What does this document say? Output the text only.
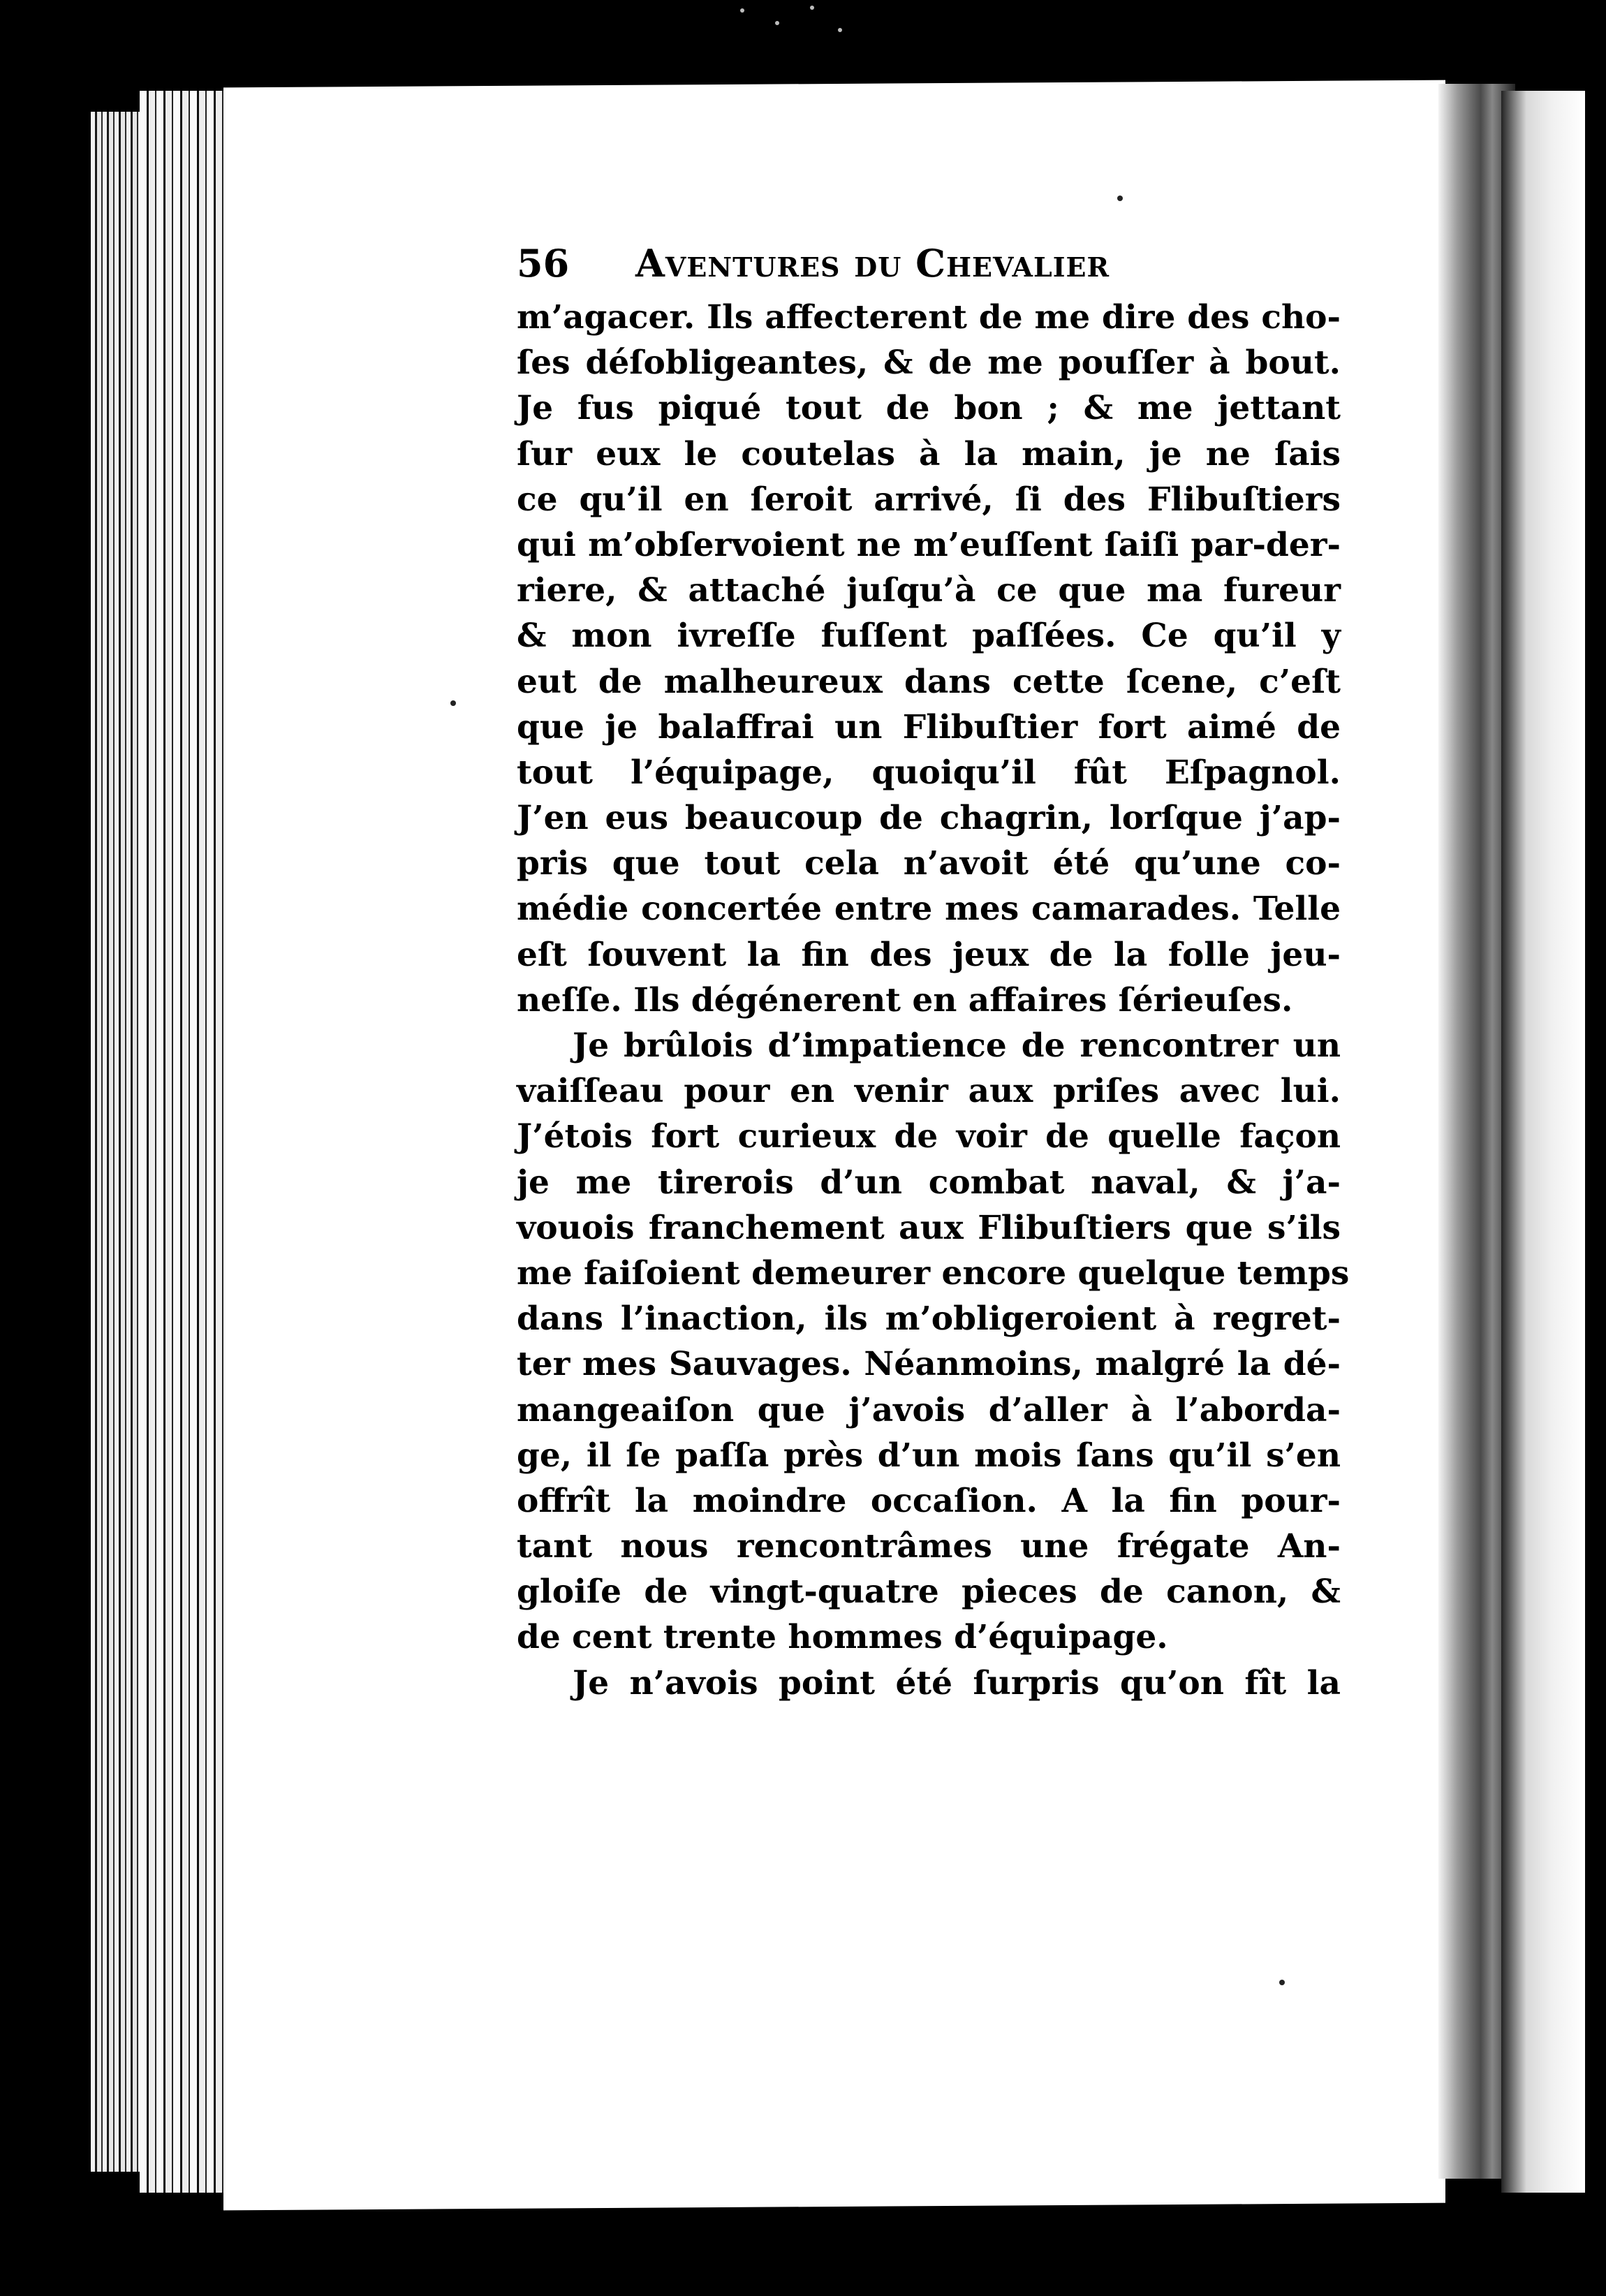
56 Aventures du Chevalier
m’agacer. Ils affecterent de me dire des cho-
ſes déſobligeantes, & de me pouſſer à bout.
Je fus piqué tout de bon ; & me jettant
ſur eux le coutelas à la main, je ne ſais
ce qu’il en ſeroit arrivé, ſi des Flibuſtiers
qui m’obſervoient ne m’euſſent ſaiſi par-der-
riere, & attaché juſqu’à ce que ma fureur
& mon ivreſſe fuſſent paſſées. Ce qu’il y
eut de malheureux dans cette ſcene, c’eſt
que je balaffrai un Flibuſtier fort aimé de
tout l’équipage, quoiqu’il fût Eſpagnol.
J’en eus beaucoup de chagrin, lorſque j’ap-
pris que tout cela n’avoit été qu’une co-
médie concertée entre mes camarades. Telle
eſt ſouvent la fin des jeux de la folle jeu-
neſſe. Ils dégénerent en affaires ſérieuſes.
Je brûlois d’impatience de rencontrer un
vaiſſeau pour en venir aux priſes avec lui.
J’étois fort curieux de voir de quelle façon
je me tirerois d’un combat naval, & j’a-
vouois franchement aux Flibuſtiers que s’ils
me faiſoient demeurer encore quelque temps
dans l’inaction, ils m’obligeroient à regret-
ter mes Sauvages. Néanmoins, malgré la dé-
mangeaiſon que j’avois d’aller à l’aborda-
ge, il ſe paſſa près d’un mois ſans qu’il s’en
offrît la moindre occaſion. A la fin pour-
tant nous rencontrâmes une frégate An-
gloiſe de vingt-quatre pieces de canon, &
de cent trente hommes d’équipage.
Je n’avois point été ſurpris qu’on fît la
